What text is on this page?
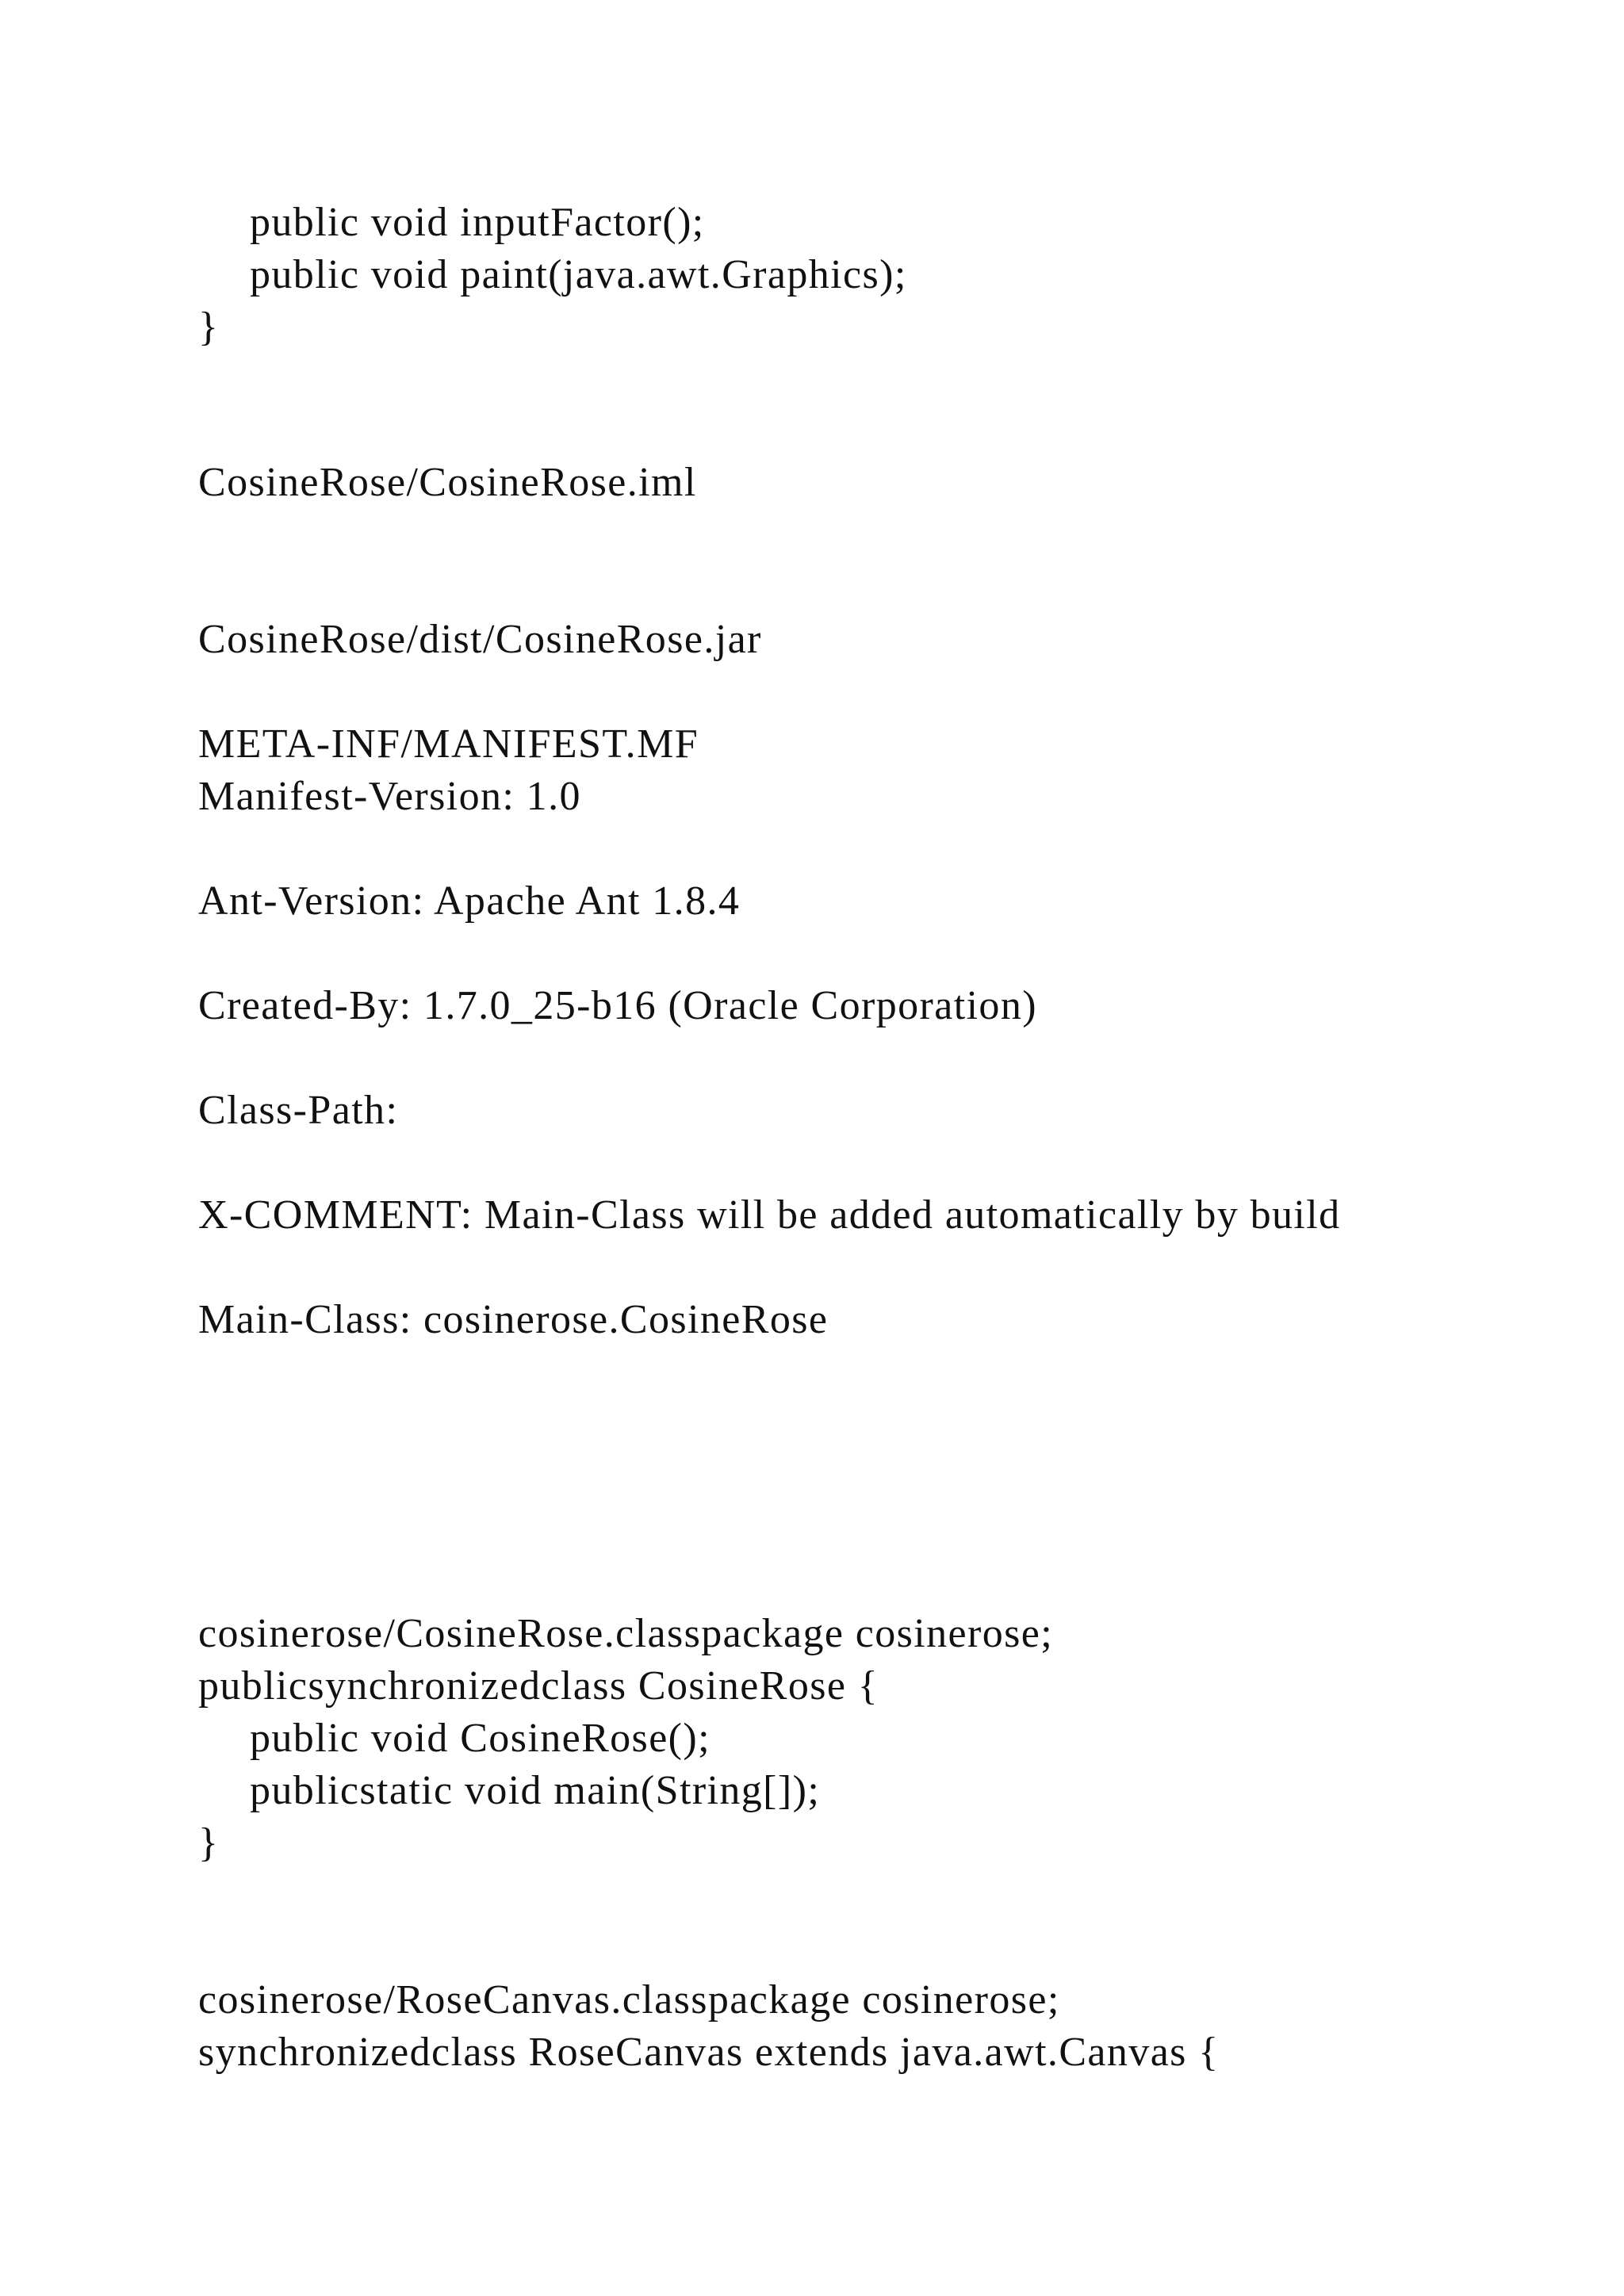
public void inputFactor();
public void paint(java.awt.Graphics);
}
CosineRose/CosineRose.iml
CosineRose/dist/CosineRose.jar
META-INF/MANIFEST.MF
Manifest-Version: 1.0
Ant-Version: Apache Ant 1.8.4
Created-By: 1.7.0_25-b16 (Oracle Corporation)
Class-Path:
X-COMMENT: Main-Class will be added automatically by build
Main-Class: cosinerose.CosineRose
cosinerose/CosineRose.classpackage cosinerose;
publicsynchronizedclass CosineRose {
public void CosineRose();
publicstatic void main(String[]);
}
cosinerose/RoseCanvas.classpackage cosinerose;
synchronizedclass RoseCanvas extends java.awt.Canvas {
